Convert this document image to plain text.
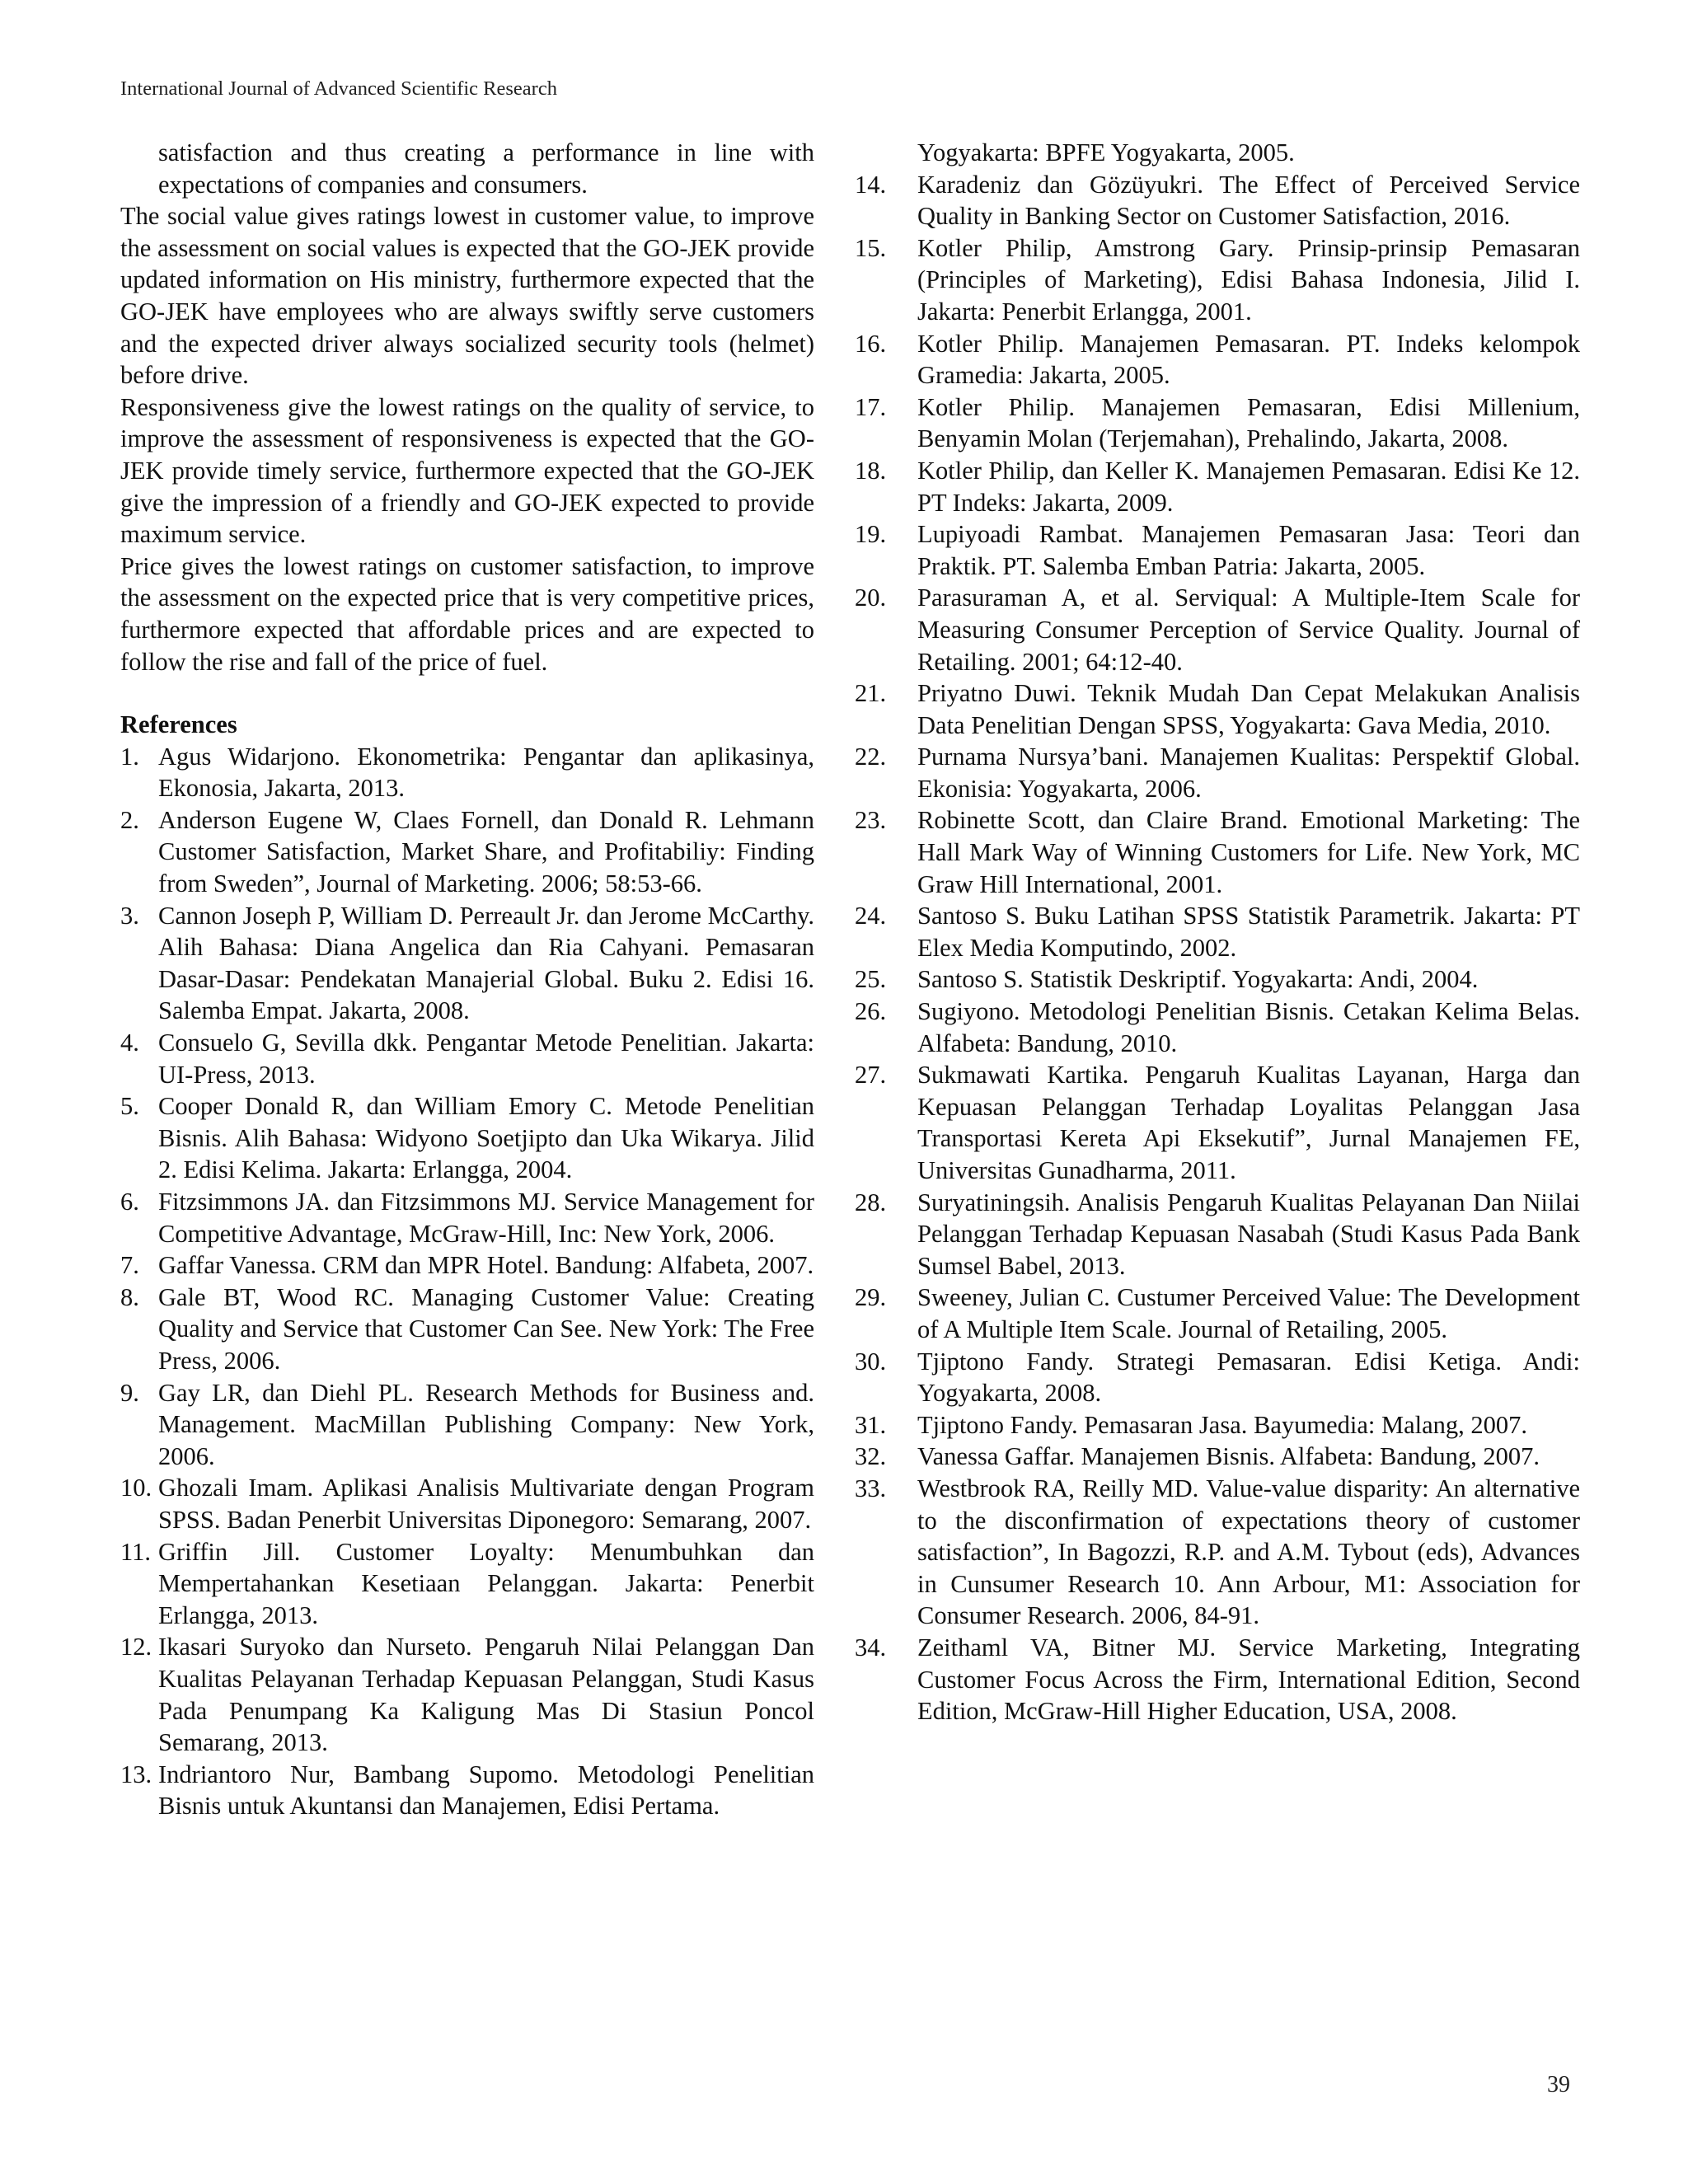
International Journal of Advanced Scientific Research

satisfaction and thus creating a performance in line with expectations of companies and consumers.

The social value gives ratings lowest in customer value, to improve the assessment on social values is expected that the GO-JEK provide updated information on His ministry, furthermore expected that the GO-JEK have employees who are always swiftly serve customers and the expected driver always socialized security tools (helmet) before drive.

Responsiveness give the lowest ratings on the quality of service, to improve the assessment of responsiveness is expected that the GO-JEK provide timely service, furthermore expected that the GO-JEK give the impression of a friendly and GO-JEK expected to provide maximum service.

Price gives the lowest ratings on customer satisfaction, to improve the assessment on the expected price that is very competitive prices, furthermore expected that affordable prices and are expected to follow the rise and fall of the price of fuel.

References
1. Agus Widarjono. Ekonometrika: Pengantar dan aplikasinya, Ekonosia, Jakarta, 2013.
2. Anderson Eugene W, Claes Fornell, dan Donald R. Lehmann Customer Satisfaction, Market Share, and Profitabiliy: Finding from Sweden”, Journal of Marketing. 2006; 58:53-66.
3. Cannon Joseph P, William D. Perreault Jr. dan Jerome McCarthy. Alih Bahasa: Diana Angelica dan Ria Cahyani. Pemasaran Dasar-Dasar: Pendekatan Manajerial Global. Buku 2. Edisi 16. Salemba Empat. Jakarta, 2008.
4. Consuelo G, Sevilla dkk. Pengantar Metode Penelitian. Jakarta: UI-Press, 2013.
5. Cooper Donald R, dan William Emory C. Metode Penelitian Bisnis. Alih Bahasa: Widyono Soetjipto dan Uka Wikarya. Jilid 2. Edisi Kelima. Jakarta: Erlangga, 2004.
6. Fitzsimmons JA. dan Fitzsimmons MJ. Service Management for Competitive Advantage, McGraw-Hill, Inc: New York, 2006.
7. Gaffar Vanessa. CRM dan MPR Hotel. Bandung: Alfabeta, 2007.
8. Gale BT, Wood RC. Managing Customer Value: Creating Quality and Service that Customer Can See. New York: The Free Press, 2006.
9. Gay LR, dan Diehl PL. Research Methods for Business and. Management. MacMillan Publishing Company: New York, 2006.
10. Ghozali Imam. Aplikasi Analisis Multivariate dengan Program SPSS. Badan Penerbit Universitas Diponegoro: Semarang, 2007.
11. Griffin Jill. Customer Loyalty: Menumbuhkan dan Mempertahankan Kesetiaan Pelanggan. Jakarta: Penerbit Erlangga, 2013.
12. Ikasari Suryoko dan Nurseto. Pengaruh Nilai Pelanggan Dan Kualitas Pelayanan Terhadap Kepuasan Pelanggan, Studi Kasus Pada Penumpang Ka Kaligung Mas Di Stasiun Poncol Semarang, 2013.
13. Indriantoro Nur, Bambang Supomo. Metodologi Penelitian Bisnis untuk Akuntansi dan Manajemen, Edisi Pertama.
Yogyakarta: BPFE Yogyakarta, 2005.
14. Karadeniz dan Gözüyukri. The Effect of Perceived Service Quality in Banking Sector on Customer Satisfaction, 2016.
15. Kotler Philip, Amstrong Gary. Prinsip-prinsip Pemasaran (Principles of Marketing), Edisi Bahasa Indonesia, Jilid I. Jakarta: Penerbit Erlangga, 2001.
16. Kotler Philip. Manajemen Pemasaran. PT. Indeks kelompok Gramedia: Jakarta, 2005.
17. Kotler Philip. Manajemen Pemasaran, Edisi Millenium, Benyamin Molan (Terjemahan), Prehalindo, Jakarta, 2008.
18. Kotler Philip, dan Keller K. Manajemen Pemasaran. Edisi Ke 12. PT Indeks: Jakarta, 2009.
19. Lupiyoadi Rambat. Manajemen Pemasaran Jasa: Teori dan Praktik. PT. Salemba Emban Patria: Jakarta, 2005.
20. Parasuraman A, et al. Serviqual: A Multiple-Item Scale for Measuring Consumer Perception of Service Quality. Journal of Retailing. 2001; 64:12-40.
21. Priyatno Duwi. Teknik Mudah Dan Cepat Melakukan Analisis Data Penelitian Dengan SPSS, Yogyakarta: Gava Media, 2010.
22. Purnama Nursya’bani. Manajemen Kualitas: Perspektif Global. Ekonisia: Yogyakarta, 2006.
23. Robinette Scott, dan Claire Brand. Emotional Marketing: The Hall Mark Way of Winning Customers for Life. New York, MC Graw Hill International, 2001.
24. Santoso S. Buku Latihan SPSS Statistik Parametrik. Jakarta: PT Elex Media Komputindo, 2002.
25. Santoso S. Statistik Deskriptif. Yogyakarta: Andi, 2004.
26. Sugiyono. Metodologi Penelitian Bisnis. Cetakan Kelima Belas. Alfabeta: Bandung, 2010.
27. Sukmawati Kartika. Pengaruh Kualitas Layanan, Harga dan Kepuasan Pelanggan Terhadap Loyalitas Pelanggan Jasa Transportasi Kereta Api Eksekutif”, Jurnal Manajemen FE, Universitas Gunadharma, 2011.
28. Suryatiningsih. Analisis Pengaruh Kualitas Pelayanan Dan Niilai Pelanggan Terhadap Kepuasan Nasabah (Studi Kasus Pada Bank Sumsel Babel, 2013.
29. Sweeney, Julian C. Custumer Perceived Value: The Development of A Multiple Item Scale. Journal of Retailing, 2005.
30. Tjiptono Fandy. Strategi Pemasaran. Edisi Ketiga. Andi: Yogyakarta, 2008.
31. Tjiptono Fandy. Pemasaran Jasa. Bayumedia: Malang, 2007.
32. Vanessa Gaffar. Manajemen Bisnis. Alfabeta: Bandung, 2007.
33. Westbrook RA, Reilly MD. Value-value disparity: An alternative to the disconfirmation of expectations theory of customer satisfaction”, In Bagozzi, R.P. and A.M. Tybout (eds), Advances in Cunsumer Research 10. Ann Arbour, M1: Association for Consumer Research. 2006, 84-91.
34. Zeithaml VA, Bitner MJ. Service Marketing, Integrating Customer Focus Across the Firm, International Edition, Second Edition, McGraw-Hill Higher Education, USA, 2008.
39
